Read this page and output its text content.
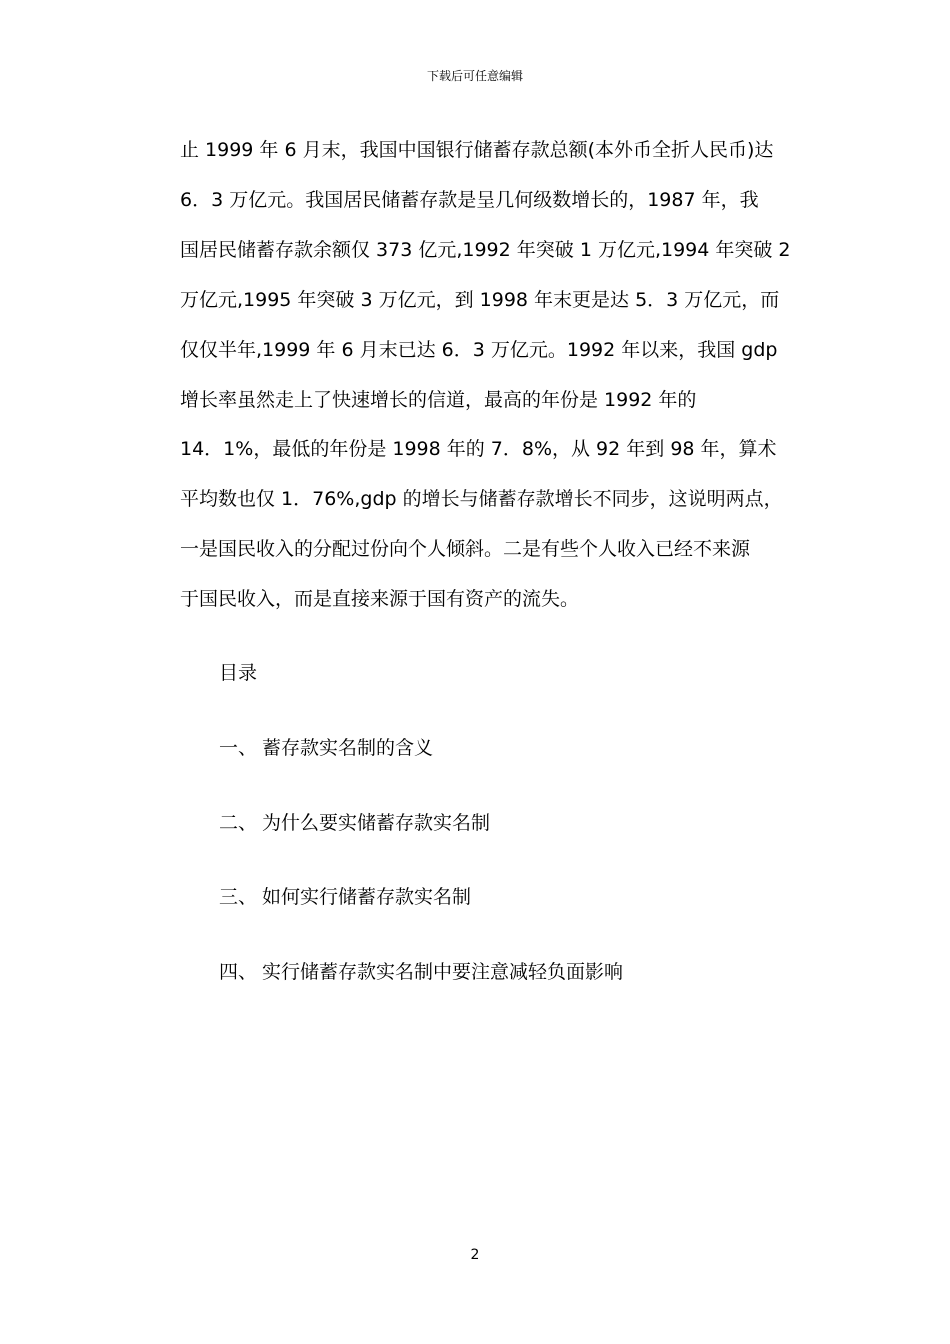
下载后可任意编辑
止 1999 年 6 月末，我国中国银行储蓄存款总额(本外币全折人民币)达
6．3 万亿元。我国居民储蓄存款是呈几何级数增长的，1987 年，我
国居民储蓄存款余额仅 373 亿元,1992 年突破 1 万亿元,1994 年突破 2
万亿元,1995 年突破 3 万亿元，到 1998 年末更是达 5．3 万亿元，而
仅仅半年,1999 年 6 月末已达 6．3 万亿元。1992 年以来，我国 gdp
增长率虽然走上了快速增长的信道，最高的年份是 1992 年的
14．1%，最低的年份是 1998 年的 7．8%，从 92 年到 98 年，算术
平均数也仅 1．76%,gdp 的增长与储蓄存款增长不同步，这说明两点，
一是国民收入的分配过份向个人倾斜。二是有些个人收入已经不来源
于国民收入，而是直接来源于国有资产的流失。
目录
一、 蓄存款实名制的含义
二、 为什么要实储蓄存款实名制
三、 如何实行储蓄存款实名制
四、 实行储蓄存款实名制中要注意减轻负面影响
2
